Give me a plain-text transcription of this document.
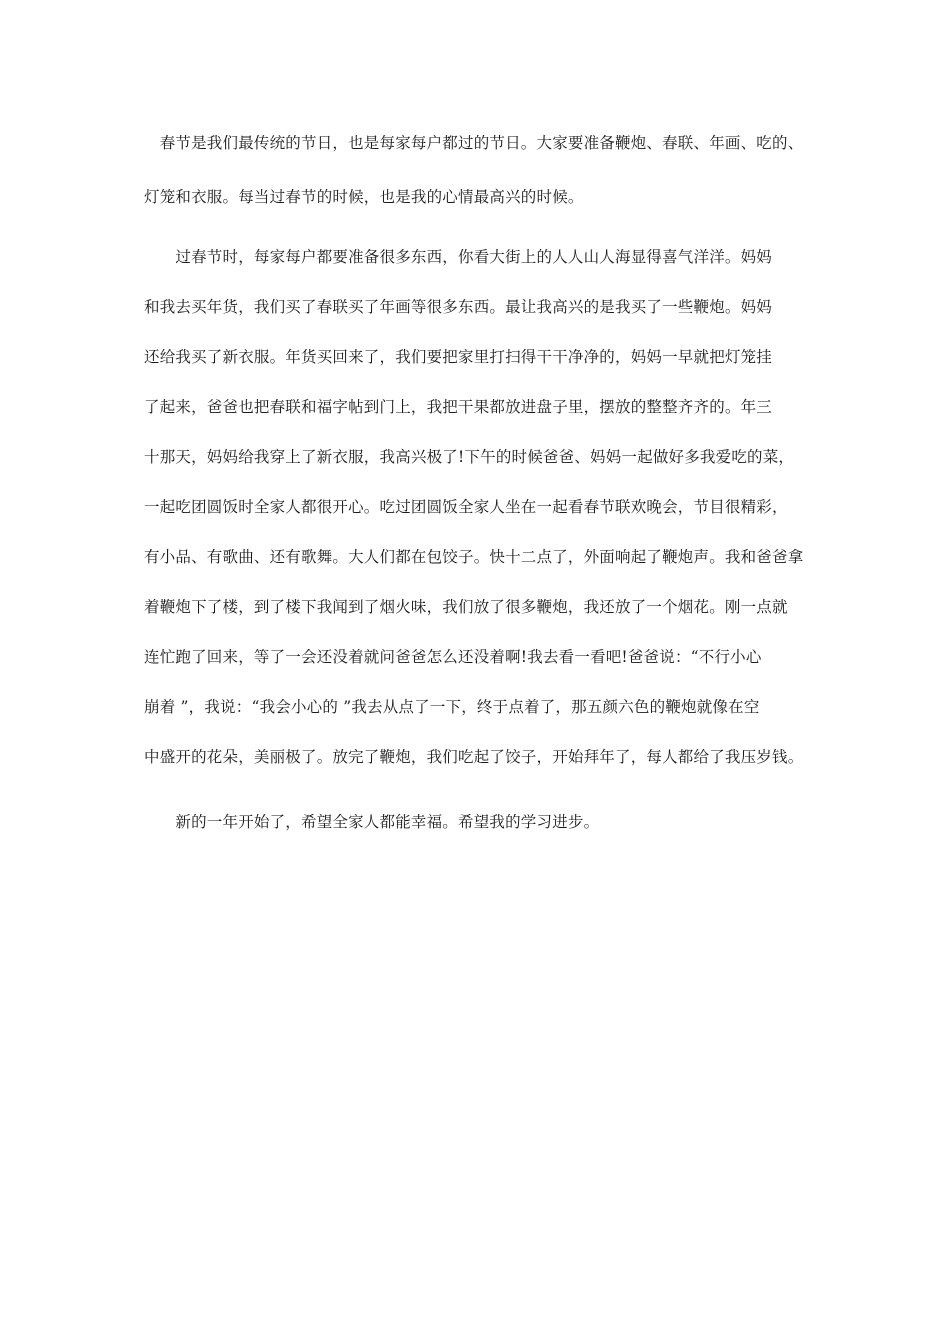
　春节是我们最传统的节日，也是每家每户都过的节日。大家要准备鞭炮、春联、年画、吃的、
灯笼和衣服。每当过春节的时候，也是我的心情最高兴的时候。
　　过春节时，每家每户都要准备很多东西，你看大街上的人人山人海显得喜气洋洋。妈妈
和我去买年货，我们买了春联买了年画等很多东西。最让我高兴的是我买了一些鞭炮。妈妈
还给我买了新衣服。年货买回来了，我们要把家里打扫得干干净净的，妈妈一早就把灯笼挂
了起来，爸爸也把春联和福字帖到门上，我把干果都放进盘子里，摆放的整整齐齐的。年三
十那天，妈妈给我穿上了新衣服，我高兴极了!下午的时候爸爸、妈妈一起做好多我爱吃的菜，
一起吃团圆饭时全家人都很开心。吃过团圆饭全家人坐在一起看春节联欢晚会，节目很精彩，
有小品、有歌曲、还有歌舞。大人们都在包饺子。快十二点了，外面响起了鞭炮声。我和爸爸拿
着鞭炮下了楼，到了楼下我闻到了烟火味，我们放了很多鞭炮，我还放了一个烟花。刚一点就
连忙跑了回来，等了一会还没着就问爸爸怎么还没着啊!我去看一看吧!爸爸说：“不行小心
崩着 ”，我说：“我会小心的 ”我去从点了一下，终于点着了，那五颜六色的鞭炮就像在空
中盛开的花朵，美丽极了。放完了鞭炮，我们吃起了饺子，开始拜年了，每人都给了我压岁钱。
　　新的一年开始了，希望全家人都能幸福。希望我的学习进步。
